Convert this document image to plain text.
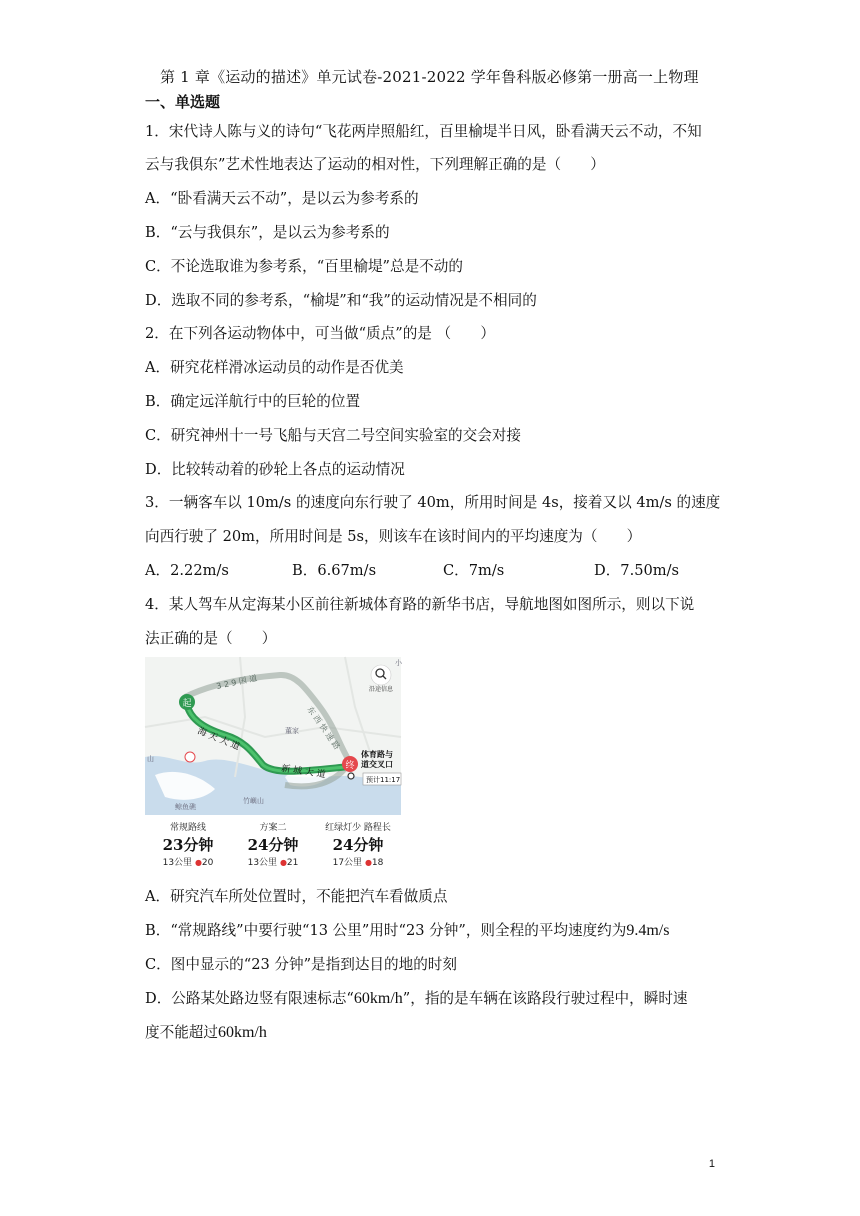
第 1 章《运动的描述》单元试卷-2021-2022 学年鲁科版必修第一册高一上物理
一、单选题
1．宋代诗人陈与义的诗句“飞花两岸照船红，百里榆堤半日风，卧看满天云不动，不知
云与我俱东”艺术性地表达了运动的相对性，下列理解正确的是（　　）
A．“卧看满天云不动”，是以云为参考系的
B．“云与我俱东”，是以云为参考系的
C．不论选取谁为参考系，“百里榆堤”总是不动的
D．选取不同的参考系，“榆堤”和“我”的运动情况是不相同的
2．在下列各运动物体中，可当做“质点”的是 （　　）
A．研究花样滑冰运动员的动作是否优美
B．确定远洋航行中的巨轮的位置
C．研究神州十一号飞船与天宫二号空间实验室的交会对接
D．比较转动着的砂轮上各点的运动情况
3．一辆客车以 10m/s 的速度向东行驶了 40m，所用时间是 4s，接着又以 4m/s 的速度
向西行驶了 20m，所用时间是 5s，则该车在该时间内的平均速度为（　　）
A．2.22m/s	B．6.67m/s	C．7m/s	D．7.50m/s
4．某人驾车从定海某小区前往新城体育路的新华书店，导航地图如图所示，则以下说
法正确的是（　　）
起
终
海 天 大 道
新 城 大 道
东 西 快 速 路
3 2 9 国 道
体育路与 道交叉口
预计11:17
沿途信息
董家
鲸鱼礁
竹嶼山
山
小
常规路线
23分钟
13公里 ●20
方案二
24分钟
13公里 ●21
红绿灯少 路程长
24分钟
17公里 ●18
A．研究汽车所处位置时，不能把汽车看做质点
B．“常规路线”中要行驶“13 公里”用时“23 分钟”，则全程的平均速度约为9.4m/s
C．图中显示的“23 分钟”是指到达目的地的时刻
D．公路某处路边竖有限速标志“60km/h”，指的是车辆在该路段行驶过程中，瞬时速
度不能超过60km/h
1
